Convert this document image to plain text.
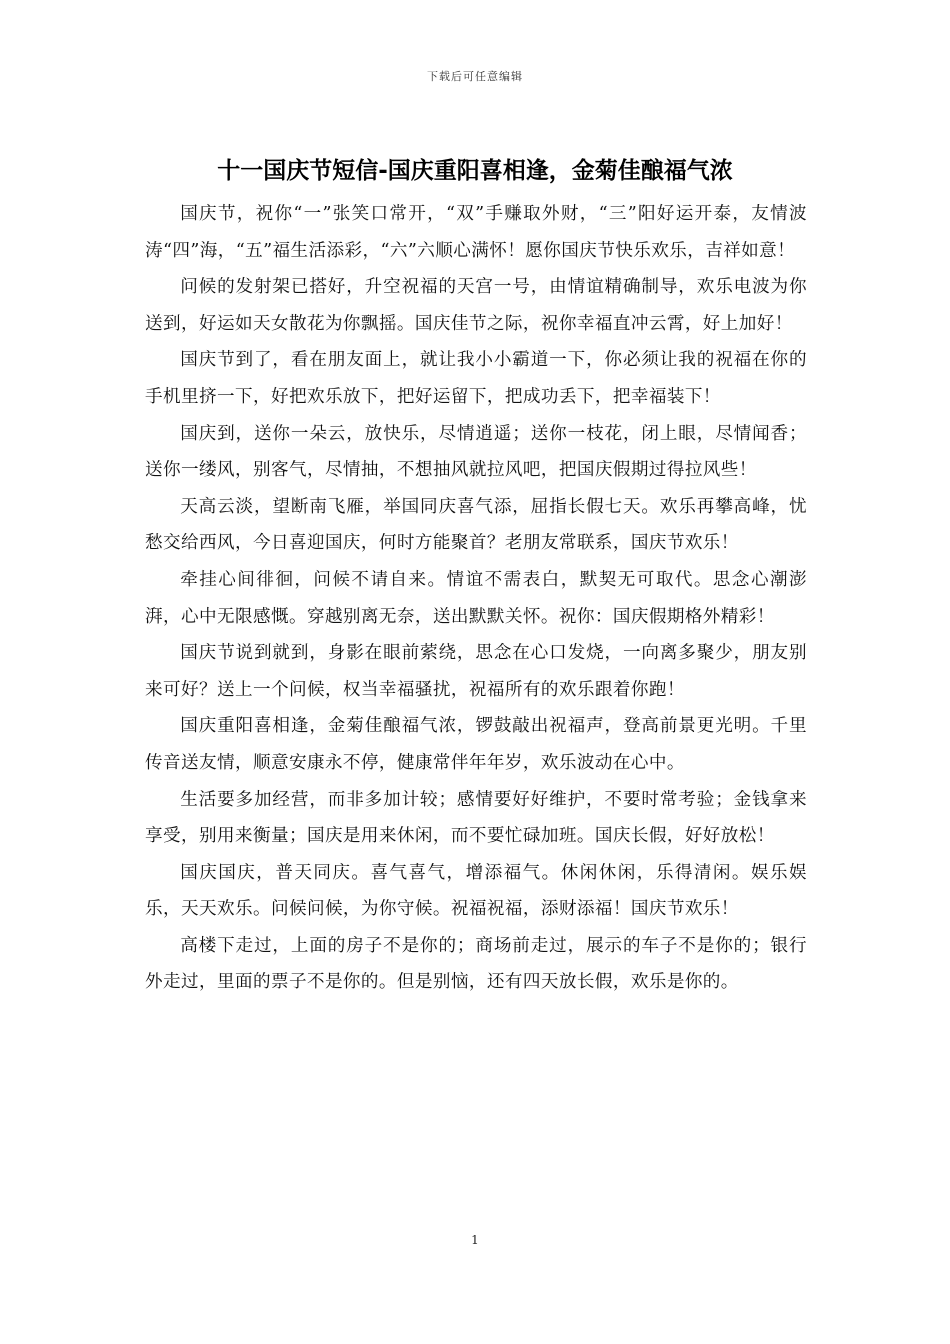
下载后可任意编辑
十一国庆节短信-国庆重阳喜相逢，金菊佳酿福气浓

国庆节，祝你“一”张笑口常开，“双”手赚取外财，“三”阳好运开泰，友情波涛“四”海，“五”福生活添彩，“六”六顺心满怀！愿你国庆节快乐欢乐，吉祥如意！

问候的发射架已搭好，升空祝福的天宫一号，由情谊精确制导，欢乐电波为你送到，好运如天女散花为你飘摇。国庆佳节之际，祝你幸福直冲云霄，好上加好！

国庆节到了，看在朋友面上，就让我小小霸道一下，你必须让我的祝福在你的手机里挤一下，好把欢乐放下，把好运留下，把成功丢下，把幸福装下！

国庆到，送你一朵云，放快乐，尽情逍遥；送你一枝花，闭上眼，尽情闻香；送你一缕风，别客气，尽情抽，不想抽风就拉风吧，把国庆假期过得拉风些！

天高云淡，望断南飞雁，举国同庆喜气添，屈指长假七天。欢乐再攀高峰，忧愁交给西风，今日喜迎国庆，何时方能聚首？老朋友常联系，国庆节欢乐！

牵挂心间徘徊，问候不请自来。情谊不需表白，默契无可取代。思念心潮澎湃，心中无限感慨。穿越别离无奈，送出默默关怀。祝你：国庆假期格外精彩！

国庆节说到就到，身影在眼前萦绕，思念在心口发烧，一向离多聚少，朋友别来可好？送上一个问候，权当幸福骚扰，祝福所有的欢乐跟着你跑！

国庆重阳喜相逢，金菊佳酿福气浓，锣鼓敲出祝福声，登高前景更光明。千里传音送友情，顺意安康永不停，健康常伴年年岁，欢乐波动在心中。

生活要多加经营，而非多加计较；感情要好好维护，不要时常考验；金钱拿来享受，别用来衡量；国庆是用来休闲，而不要忙碌加班。国庆长假，好好放松！

国庆国庆，普天同庆。喜气喜气，增添福气。休闲休闲，乐得清闲。娱乐娱乐，天天欢乐。问候问候，为你守候。祝福祝福，添财添福！国庆节欢乐！

高楼下走过，上面的房子不是你的；商场前走过，展示的车子不是你的；银行外走过，里面的票子不是你的。但是别恼，还有四天放长假，欢乐是你的。

1
